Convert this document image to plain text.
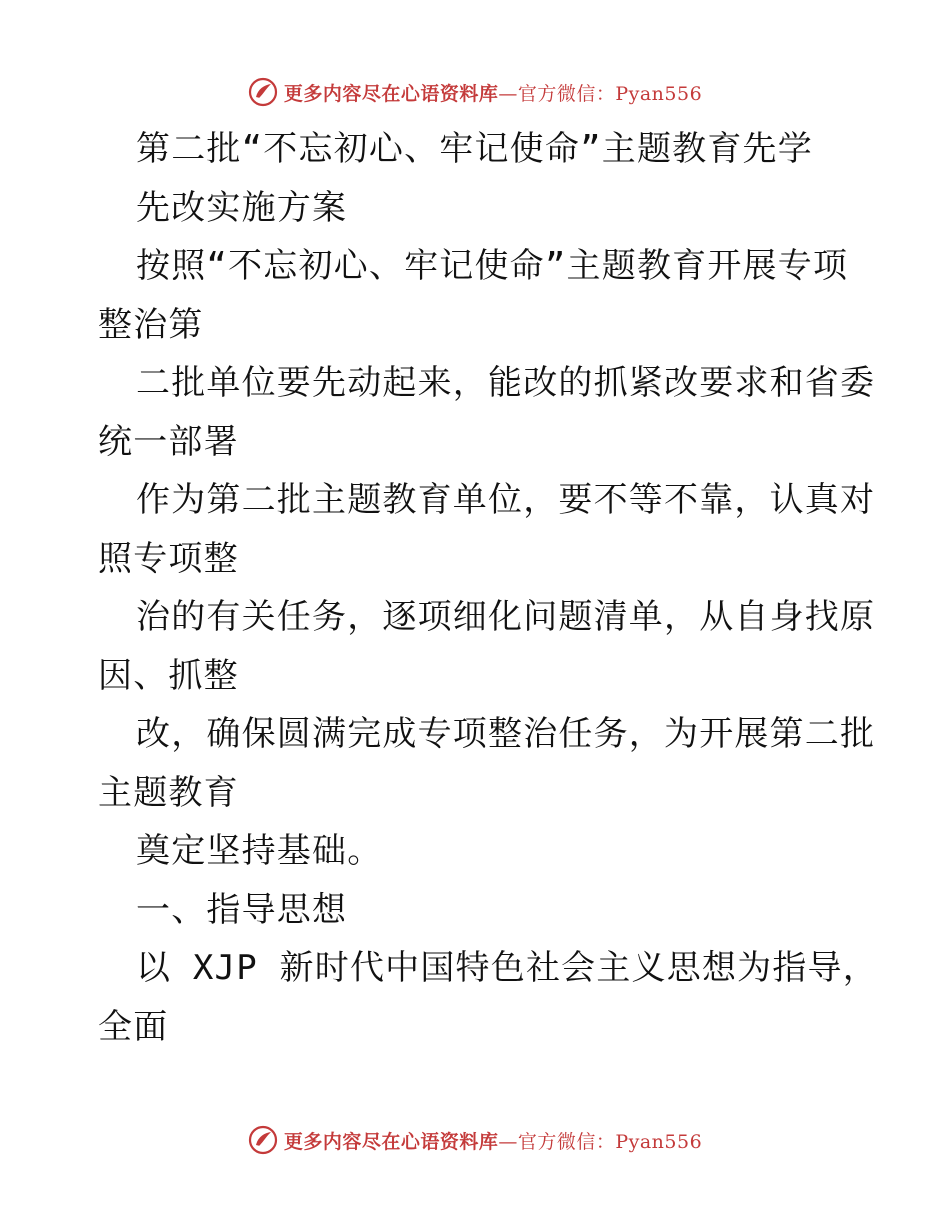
更多内容尽在心语资料库—官方微信：Pyan556
第二批“不忘初心、牢记使命”主题教育先学
先改实施方案
按照“不忘初心、牢记使命”主题教育开展专项
整治第
二批单位要先动起来，能改的抓紧改要求和省委
统一部署
作为第二批主题教育单位，要不等不靠，认真对
照专项整
治的有关任务，逐项细化问题清单，从自身找原
因、抓整
改，确保圆满完成专项整治任务，为开展第二批
主题教育
奠定坚持基础。
一、指导思想
以 XJP 新时代中国特色社会主义思想为指导，
全面
更多内容尽在心语资料库—官方微信：Pyan556
